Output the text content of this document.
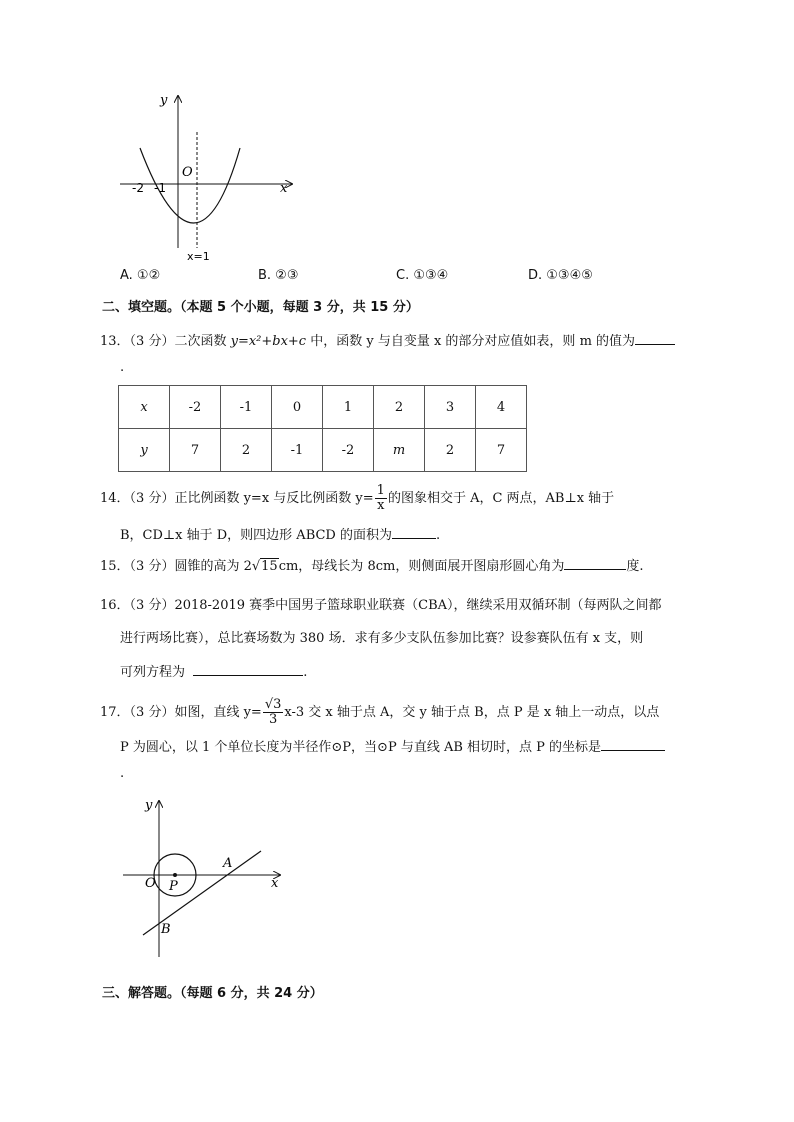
y
x
O
-2 -1
x=1
A. ①②	B. ②③	C. ①③④	D. ①③④⑤
二、填空题。（本题 5 个小题，每题 3 分，共 15 分）
13．（3 分）二次函数 y=x²+bx+c 中，函数 y 与自变量 x 的部分对应值如表，则 m 的值为
.
x	-2	-1	0	1	2	3	4
y	7	2	-1	-2	m	2	7
14．（3 分）正比例函数 y=x 与反比例函数 $y= \frac{1}{x}$ 的图象相交于 A，C 两点，AB⊥x 轴于
B，CD⊥x 轴于 D，则四边形 ABCD 的面积为	.
15．（3 分）圆锥的高为 2√15cm，母线长为 8cm，则侧面展开图扇形圆心角为	度.
16．（3 分）2018-2019 赛季中国男子篮球职业联赛（CBA），继续采用双循环制（每两队之间都
进行两场比赛），总比赛场数为 380 场．求有多少支队伍参加比赛？设参赛队伍有 x 支，则
可列方程为	.
17．（3 分）如图，直线 $y= \frac{√3}{3} x-3$ 交 x 轴于点 A，交 y 轴于点 B，点 P 是 x 轴上一动点，以点
P 为圆心，以 1 个单位长度为半径作⊙P，当⊙P 与直线 AB 相切时，点 P 的坐标是
.
y
x
O P
A
B
三、解答题。（每题 6 分，共 24 分）
